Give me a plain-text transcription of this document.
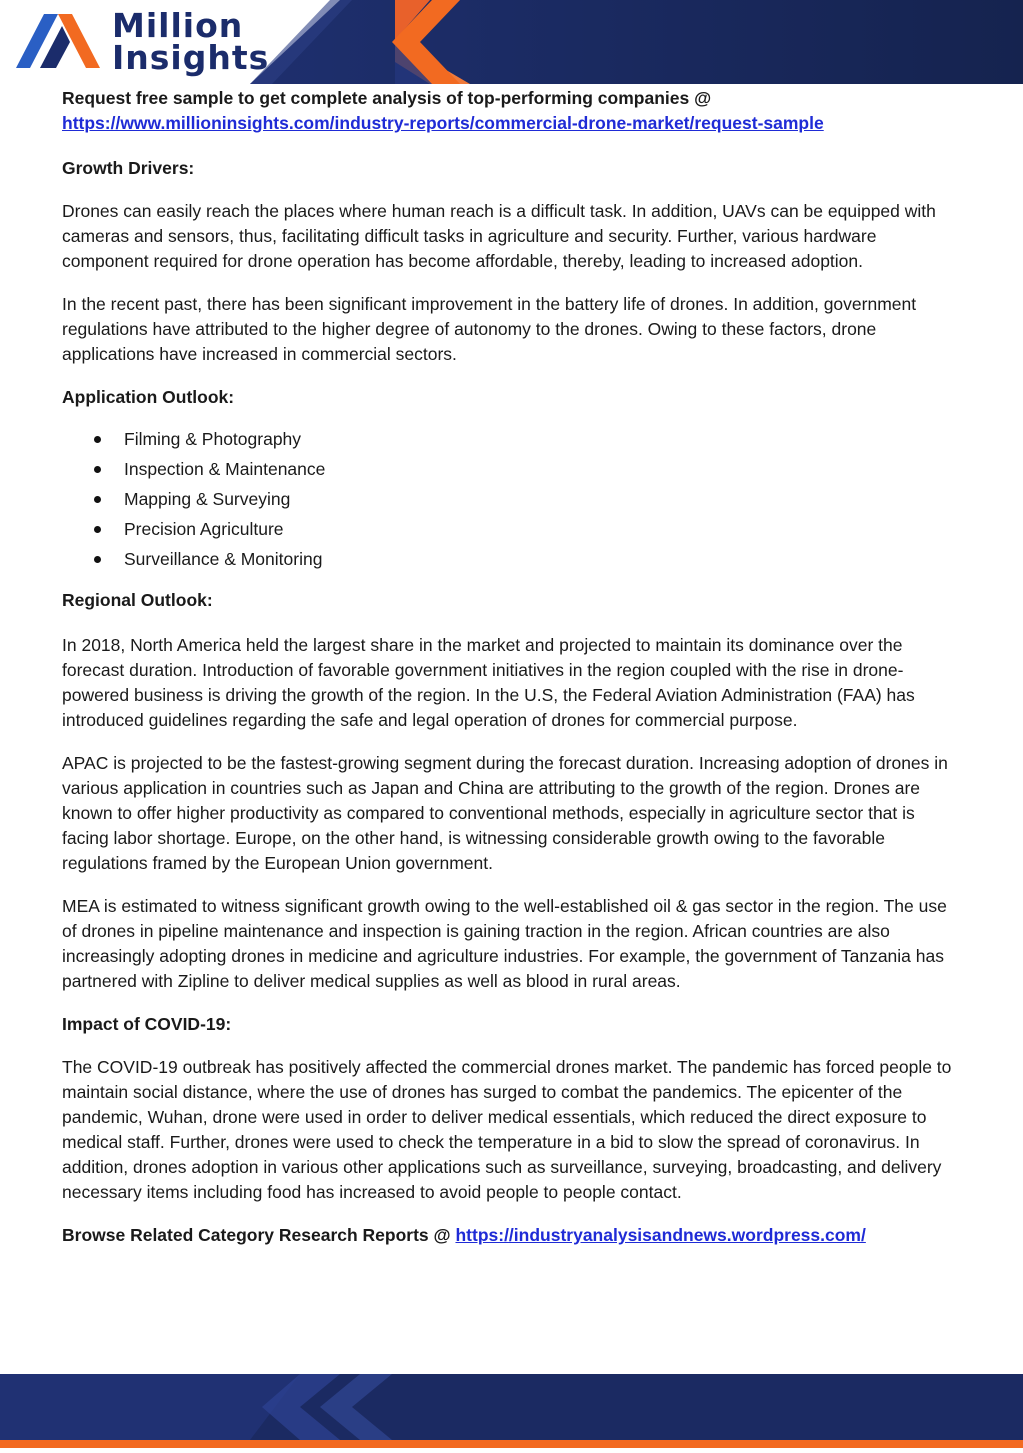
Million
Insights

Request free sample to get complete analysis of top-performing companies @
https://www.millioninsights.com/industry-reports/commercial-drone-market/request-sample

Growth Drivers:

Drones can easily reach the places where human reach is a difficult task. In addition, UAVs can be equipped with cameras and sensors, thus, facilitating difficult tasks in agriculture and security. Further, various hardware component required for drone operation has become affordable, thereby, leading to increased adoption.

In the recent past, there has been significant improvement in the battery life of drones. In addition, government regulations have attributed to the higher degree of autonomy to the drones. Owing to these factors, drone applications have increased in commercial sectors.

Application Outlook:
Filming & Photography
Inspection & Maintenance
Mapping & Surveying
Precision Agriculture
Surveillance & Monitoring
Regional Outlook:

In 2018, North America held the largest share in the market and projected to maintain its dominance over the forecast duration. Introduction of favorable government initiatives in the region coupled with the rise in drone-powered business is driving the growth of the region. In the U.S, the Federal Aviation Administration (FAA) has introduced guidelines regarding the safe and legal operation of drones for commercial purpose.

APAC is projected to be the fastest-growing segment during the forecast duration. Increasing adoption of drones in various application in countries such as Japan and China are attributing to the growth of the region. Drones are known to offer higher productivity as compared to conventional methods, especially in agriculture sector that is facing labor shortage. Europe, on the other hand, is witnessing considerable growth owing to the favorable regulations framed by the European Union government.

MEA is estimated to witness significant growth owing to the well-established oil & gas sector in the region. The use of drones in pipeline maintenance and inspection is gaining traction in the region. African countries are also increasingly adopting drones in medicine and agriculture industries. For example, the government of Tanzania has partnered with Zipline to deliver medical supplies as well as blood in rural areas.

Impact of COVID-19:

The COVID-19 outbreak has positively affected the commercial drones market. The pandemic has forced people to maintain social distance, where the use of drones has surged to combat the pandemics. The epicenter of the pandemic, Wuhan, drone were used in order to deliver medical essentials, which reduced the direct exposure to medical staff. Further, drones were used to check the temperature in a bid to slow the spread of coronavirus. In addition, drones adoption in various other applications such as surveillance, surveying, broadcasting, and delivery necessary items including food has increased to avoid people to people contact.

Browse Related Category Research Reports @ https://industryanalysisandnews.wordpress.com/
